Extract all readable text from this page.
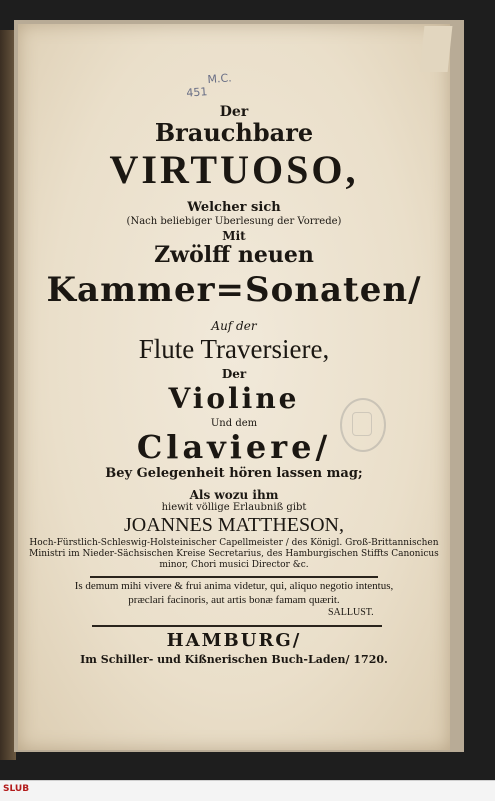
M.C.
451
Der
Brauchbare
VIRTUOSO,
Welcher sich
(Nach beliebiger Uberlesung der Vorrede)
Mit
Zwölff neuen
Kammer=Sonaten/
Auf der
Flute Traversiere,
Der
Violine
Und dem
Claviere/
Bey Gelegenheit hören lassen mag;
Als wozu ihm
hiewit völlige Erlaubniß gibt
JOANNES MATTHESON,
Hoch-Fürstlich-Schleswig-Holsteinischer Capellmeister / des Königl. Groß-Brittannischen
Ministri im Nieder-Sächsischen Kreise Secretarius, des Hamburgischen Stiffts Canonicus
minor, Chori musici Director &c.
Is demum mihi vivere & frui anima videtur, qui, aliquo negotio intentus,
præclari facinoris, aut artis bonæ famam quærit.
SALLUST.
HAMBURG/
Im Schiller- und Kißnerischen Buch-Laden/ 1720.
SLUB
